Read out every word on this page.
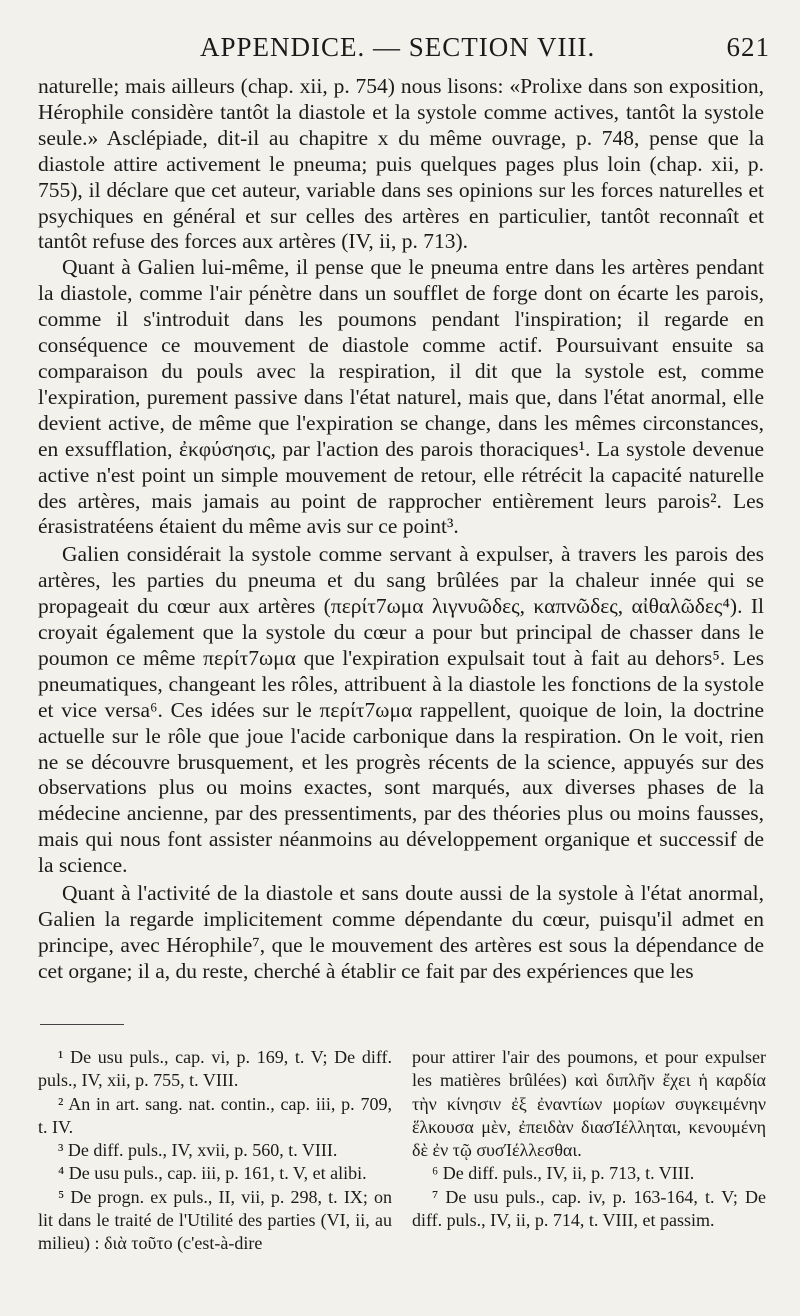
APPENDICE. — SECTION VIII.	621

naturelle; mais ailleurs (chap. xii, p. 754) nous lisons: «Prolixe dans son exposition, Hérophile considère tantôt la diastole et la systole comme actives, tantôt la systole seule.» Asclépiade, dit-il au chapitre x du même ouvrage, p. 748, pense que la diastole attire activement le pneuma; puis quelques pages plus loin (chap. xii, p. 755), il déclare que cet auteur, variable dans ses opinions sur les forces naturelles et psychiques en général et sur celles des artères en particulier, tantôt reconnaît et tantôt refuse des forces aux artères (IV, ii, p. 713).

Quant à Galien lui-même, il pense que le pneuma entre dans les artères pendant la diastole, comme l'air pénètre dans un soufflet de forge dont on écarte les parois, comme il s'introduit dans les poumons pendant l'inspiration; il regarde en conséquence ce mouvement de diastole comme actif. Poursuivant ensuite sa comparaison du pouls avec la respiration, il dit que la systole est, comme l'expiration, purement passive dans l'état naturel, mais que, dans l'état anormal, elle devient active, de même que l'expiration se change, dans les mêmes circonstances, en exsufflation, ἐκφύσησις, par l'action des parois thoraciques¹. La systole devenue active n'est point un simple mouvement de retour, elle rétrécit la capacité naturelle des artères, mais jamais au point de rapprocher entièrement leurs parois². Les érasistratéens étaient du même avis sur ce point³.

Galien considérait la systole comme servant à expulser, à travers les parois des artères, les parties du pneuma et du sang brûlées par la chaleur innée qui se propageait du cœur aux artères (περίτ7ωμα λιγνυῶδες, καπνῶδες, αἰθαλῶδες⁴). Il croyait également que la systole du cœur a pour but principal de chasser dans le poumon ce même περίτ7ωμα que l'expiration expulsait tout à fait au dehors⁵. Les pneumatiques, changeant les rôles, attribuent à la diastole les fonctions de la systole et vice versa⁶. Ces idées sur le περίτ7ωμα rappellent, quoique de loin, la doctrine actuelle sur le rôle que joue l'acide carbonique dans la respiration. On le voit, rien ne se découvre brusquement, et les progrès récents de la science, appuyés sur des observations plus ou moins exactes, sont marqués, aux diverses phases de la médecine ancienne, par des pressentiments, par des théories plus ou moins fausses, mais qui nous font assister néanmoins au développement organique et successif de la science.

Quant à l'activité de la diastole et sans doute aussi de la systole à l'état anormal, Galien la regarde implicitement comme dépendante du cœur, puisqu'il admet en principe, avec Hérophile⁷, que le mouvement des artères est sous la dépendance de cet organe; il a, du reste, cherché à établir ce fait par des expériences que les

¹ De usu puls., cap. vi, p. 169, t. V; De diff. puls., IV, xii, p. 755, t. VIII.

² An in art. sang. nat. contin., cap. iii, p. 709, t. IV.

³ De diff. puls., IV, xvii, p. 560, t. VIII.

⁴ De usu puls., cap. iii, p. 161, t. V, et alibi.

⁵ De progn. ex puls., II, vii, p. 298, t. IX; on lit dans le traité de l'Utilité des parties (VI, ii, au milieu) : διὰ τοῦτο (c'est-à-dire

pour attirer l'air des poumons, et pour expulser les matières brûlées) καὶ διπλῆν ἔχει ἡ καρδία τὴν κίνησιν ἐξ ἐναντίων μορίων συγκειμένην ἕλκουσα μὲν, ἐπειδὰν διασΊέλληται, κενουμένη δὲ ἐν τῷ συσΊέλλεσθαι.

⁶ De diff. puls., IV, ii, p. 713, t. VIII.

⁷ De usu puls., cap. iv, p. 163-164, t. V; De diff. puls., IV, ii, p. 714, t. VIII, et passim.
